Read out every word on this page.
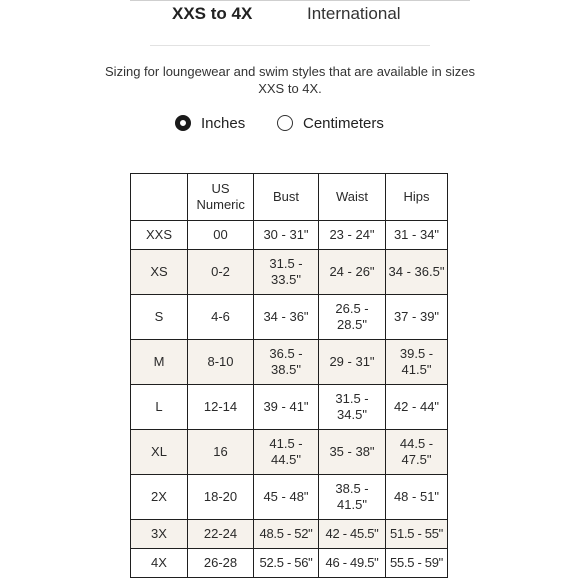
XXS to 4X	International
Sizing for loungewear and swim styles that are available in sizes XXS to 4X.
Inches	Centimeters
	US Numeric	Bust	Waist	Hips
XXS	00	30 - 31"	23 - 24"	31 - 34"
XS	0-2	31.5 - 33.5"	24 - 26"	34 - 36.5"
S	4-6	34 - 36"	26.5 - 28.5"	37 - 39"
M	8-10	36.5 - 38.5"	29 - 31"	39.5 - 41.5"
L	12-14	39 - 41"	31.5 - 34.5"	42 - 44"
XL	16	41.5 - 44.5"	35 - 38"	44.5 - 47.5"
2X	18-20	45 - 48"	38.5 - 41.5"	48 - 51"
3X	22-24	48.5 - 52"	42 - 45.5"	51.5 - 55"
4X	26-28	52.5 - 56"	46 - 49.5"	55.5 - 59"
